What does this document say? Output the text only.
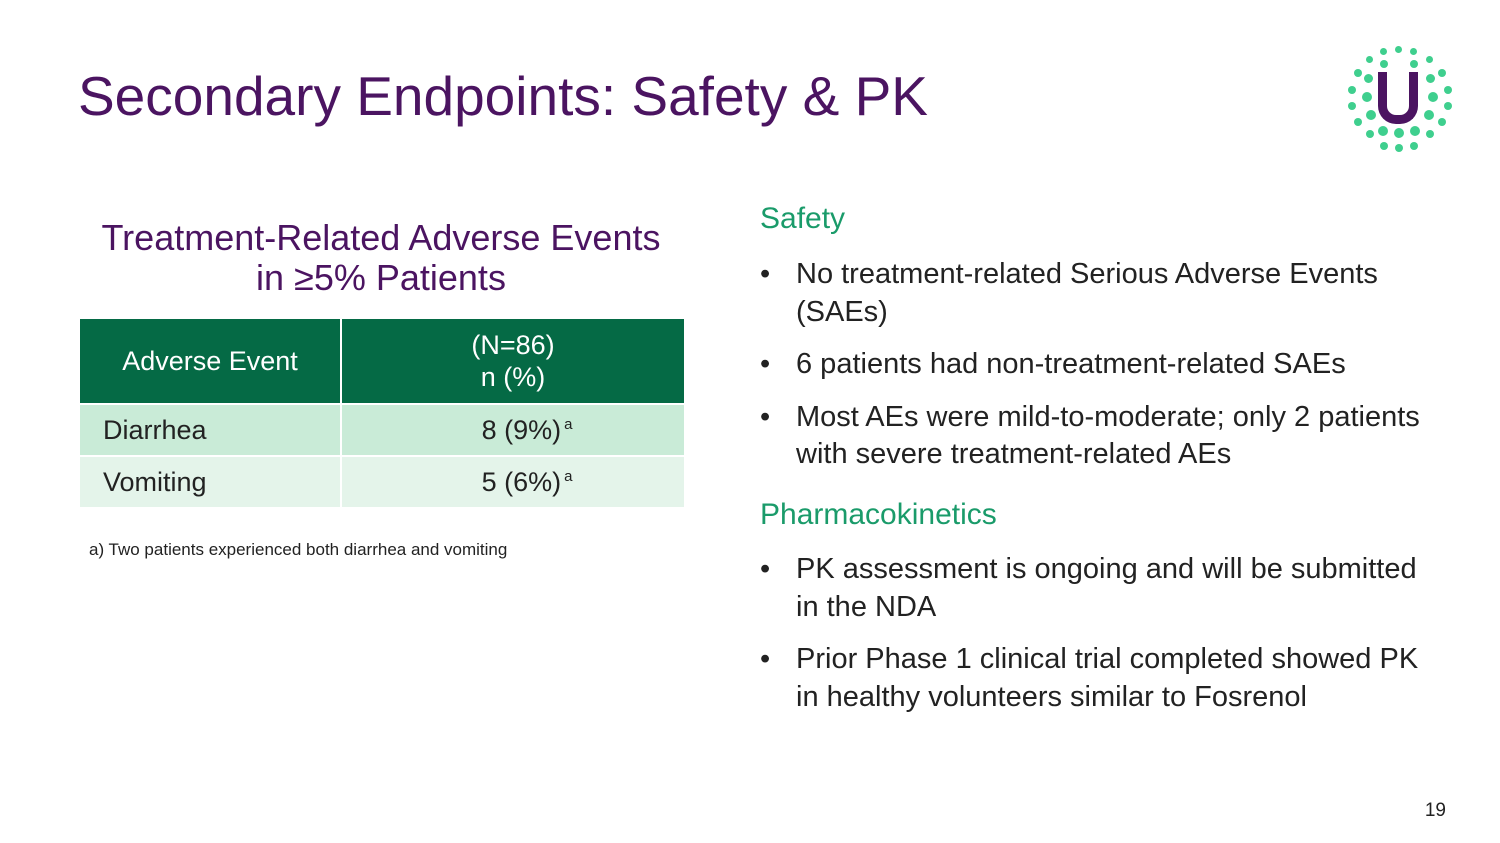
Secondary Endpoints: Safety & PK
Treatment-Related Adverse Events
in ≥5% Patients
Adverse Event	(N=86)
n (%)

Diarrhea	8 (9%) $^a$
Vomiting	5 (6%) $^a$
a) Two patients experienced both diarrhea and vomiting
Safety
• No treatment-related Serious Adverse Events (SAEs)
• 6 patients had non-treatment-related SAEs
• Most AEs were mild-to-moderate; only 2 patients with severe treatment-related AEs
Pharmacokinetics
• PK assessment is ongoing and will be submitted in the NDA
• Prior Phase 1 clinical trial completed showed PK in healthy volunteers similar to Fosrenol
19
